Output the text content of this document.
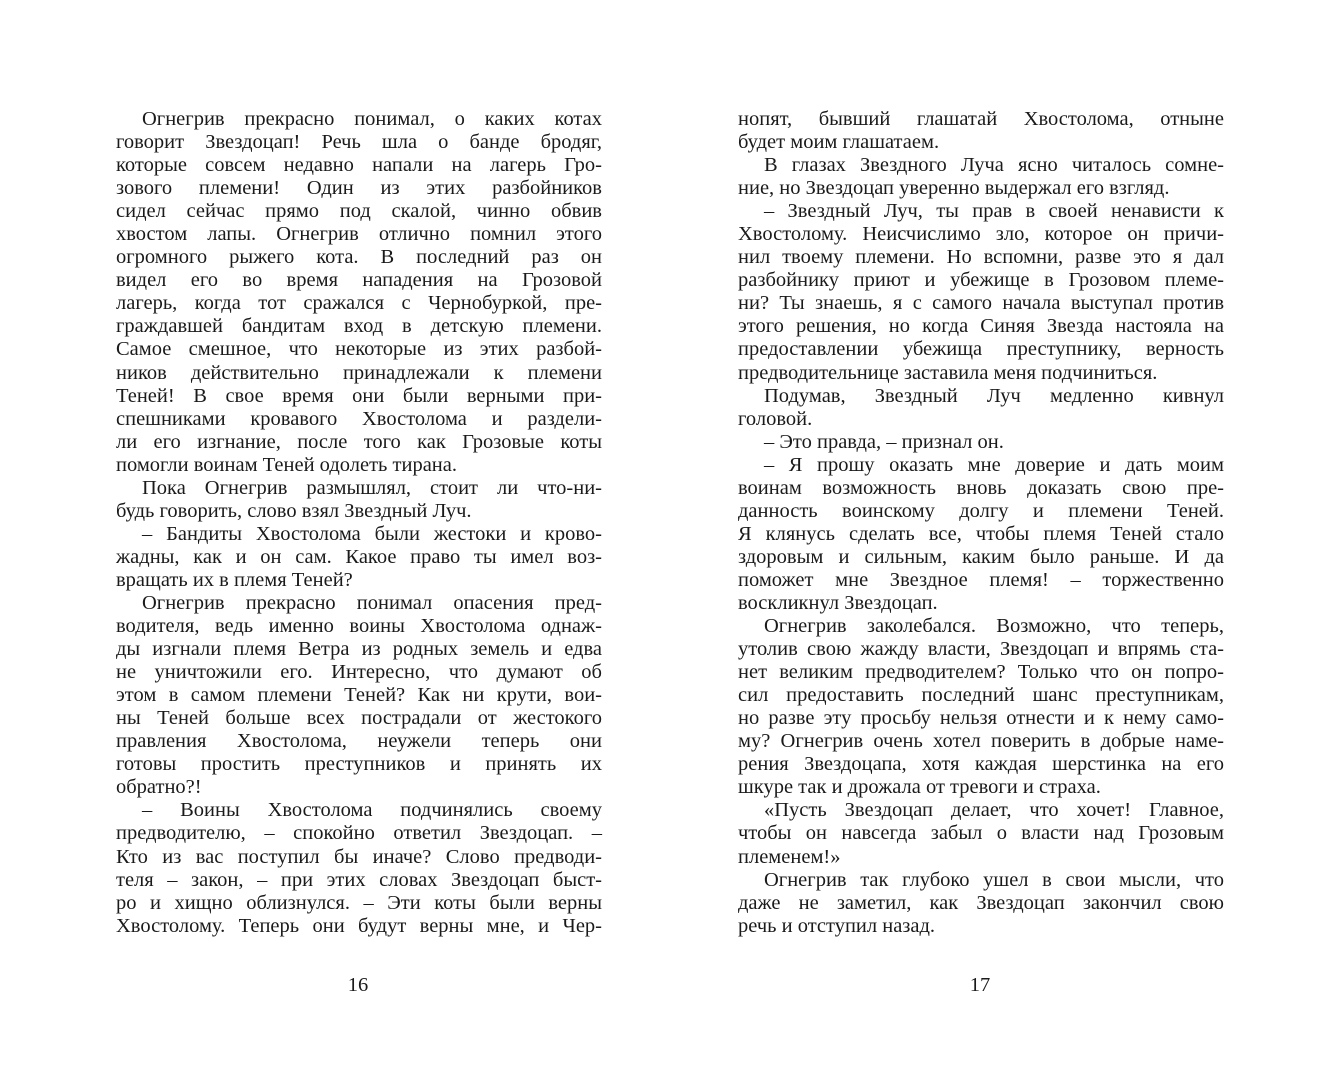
Огнегрив прекрасно понимал, о каких котах
говорит Звездоцап! Речь шла о банде бродяг,
которые совсем недавно напали на лагерь Гро-
зового племени! Один из этих разбойников
сидел сейчас прямо под скалой, чинно обвив
хвостом лапы. Огнегрив отлично помнил этого
огромного рыжего кота. В последний раз он
видел его во время нападения на Грозовой
лагерь, когда тот сражался с Чернобуркой, пре-
граждавшей бандитам вход в детскую племени.
Самое смешное, что некоторые из этих разбой-
ников действительно принадлежали к племени
Теней! В свое время они были верными при-
спешниками кровавого Хвостолома и раздели-
ли его изгнание, после того как Грозовые коты
помогли воинам Теней одолеть тирана.
Пока Огнегрив размышлял, стоит ли что-ни-
будь говорить, слово взял Звездный Луч.
– Бандиты Хвостолома были жестоки и крово-
жадны, как и он сам. Какое право ты имел воз-
вращать их в племя Теней?
Огнегрив прекрасно понимал опасения пред-
водителя, ведь именно воины Хвостолома однаж-
ды изгнали племя Ветра из родных земель и едва
не уничтожили его. Интересно, что думают об
этом в самом племени Теней? Как ни крути, вои-
ны Теней больше всех пострадали от жестокого
правления Хвостолома, неужели теперь они
готовы простить преступников и принять их
обратно?!
– Воины Хвостолома подчинялись своему
предводителю, – спокойно ответил Звездоцап. –
Кто из вас поступил бы иначе? Слово предводи-
теля – закон, – при этих словах Звездоцап быст-
ро и хищно облизнулся. – Эти коты были верны
Хвостолому. Теперь они будут верны мне, и Чер-
16
нопят, бывший глашатай Хвостолома, отныне
будет моим глашатаем.
В глазах Звездного Луча ясно читалось сомне-
ние, но Звездоцап уверенно выдержал его взгляд.
– Звездный Луч, ты прав в своей ненависти к
Хвостолому. Неисчислимо зло, которое он причи-
нил твоему племени. Но вспомни, разве это я дал
разбойнику приют и убежище в Грозовом племе-
ни? Ты знаешь, я с самого начала выступал против
этого решения, но когда Синяя Звезда настояла на
предоставлении убежища преступнику, верность
предводительнице заставила меня подчиниться.
Подумав, Звездный Луч медленно кивнул
головой.
– Это правда, – признал он.
– Я прошу оказать мне доверие и дать моим
воинам возможность вновь доказать свою пре-
данность воинскому долгу и племени Теней.
Я клянусь сделать все, чтобы племя Теней стало
здоровым и сильным, каким было раньше. И да
поможет мне Звездное племя! – торжественно
воскликнул Звездоцап.
Огнегрив заколебался. Возможно, что теперь,
утолив свою жажду власти, Звездоцап и впрямь ста-
нет великим предводителем? Только что он попро-
сил предоставить последний шанс преступникам,
но разве эту просьбу нельзя отнести и к нему само-
му? Огнегрив очень хотел поверить в добрые наме-
рения Звездоцапа, хотя каждая шерстинка на его
шкуре так и дрожала от тревоги и страха.
«Пусть Звездоцап делает, что хочет! Главное,
чтобы он навсегда забыл о власти над Грозовым
племенем!»
Огнегрив так глубоко ушел в свои мысли, что
даже не заметил, как Звездоцап закончил свою
речь и отступил назад.
17
